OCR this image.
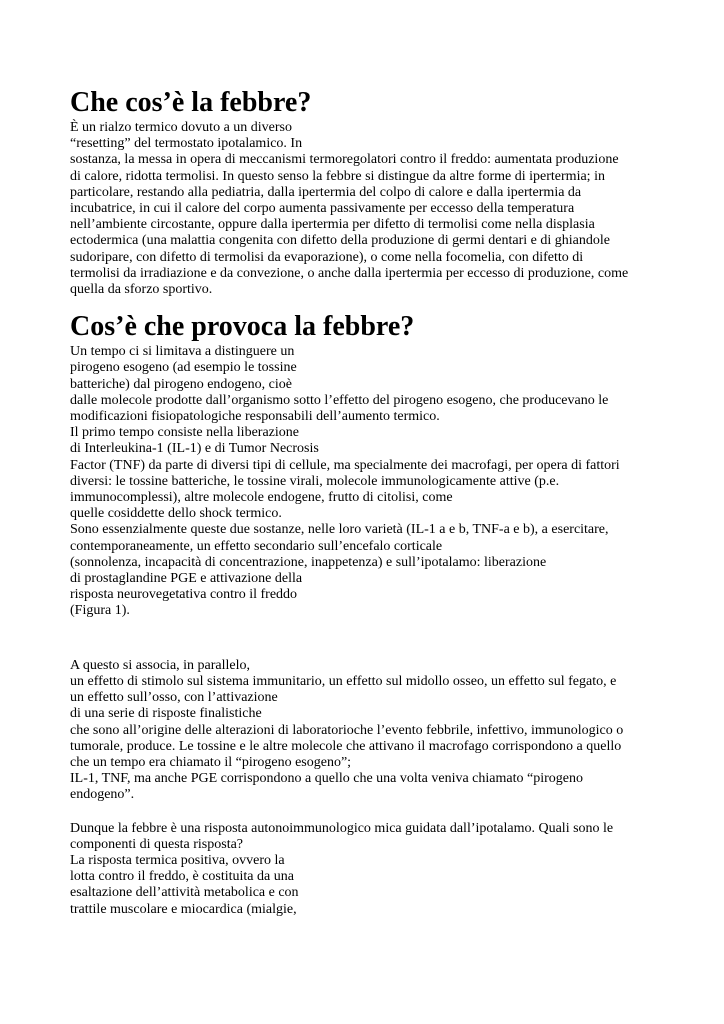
Che cos’è la febbre?
È un rialzo termico dovuto a un diverso
“resetting” del termostato ipotalamico. In
sostanza, la messa in opera di meccanismi termoregolatori contro il freddo: aumentata produzione
di calore, ridotta termolisi. In questo senso la febbre si distingue da altre forme di ipertermia; in
particolare, restando alla pediatria, dalla ipertermia del colpo di calore e dalla ipertermia da
incubatrice, in cui il calore del corpo aumenta passivamente per eccesso della temperatura
nell’ambiente circostante, oppure dalla ipertermia per difetto di termolisi come nella displasia
ectodermica (una malattia congenita con difetto della produzione di germi dentari e di ghiandole
sudoripare, con difetto di termolisi da evaporazione), o come nella focomelia, con difetto di
termolisi da irradiazione e da convezione, o anche dalla ipertermia per eccesso di produzione, come
quella da sforzo sportivo.
Cos’è che provoca la febbre?
Un tempo ci si limitava a distinguere un
pirogeno esogeno (ad esempio le tossine
batteriche) dal pirogeno endogeno, cioè
dalle molecole prodotte dall’organismo sotto l’effetto del pirogeno esogeno, che producevano le
modificazioni fisiopatologiche responsabili dell’aumento termico.
Il primo tempo consiste nella liberazione
di Interleukina-1 (IL-1) e di Tumor Necrosis
Factor (TNF) da parte di diversi tipi di cellule, ma specialmente dei macrofagi, per opera di fattori
diversi: le tossine batteriche, le tossine virali, molecole immunologicamente attive (p.e.
immunocomplessi), altre molecole endogene, frutto di citolisi, come
quelle cosiddette dello shock termico.
Sono essenzialmente queste due sostanze, nelle loro varietà (IL-1 a e b, TNF-a e b), a esercitare,
contemporaneamente, un effetto secondario sull’encefalo corticale
(sonnolenza, incapacità di concentrazione, inappetenza) e sull’ipotalamo: liberazione
di prostaglandine PGE e attivazione della
risposta neurovegetativa contro il freddo
(Figura 1).
A questo si associa, in parallelo,
un effetto di stimolo sul sistema immunitario, un effetto sul midollo osseo, un effetto sul fegato, e
un effetto sull’osso, con l’attivazione
di una serie di risposte finalistiche
che sono all’origine delle alterazioni di laboratorioche l’evento febbrile, infettivo, immunologico o
tumorale, produce. Le tossine e le altre molecole che attivano il macrofago corrispondono a quello
che un tempo era chiamato il “pirogeno esogeno”;
IL-1, TNF, ma anche PGE corrispondono a quello che una volta veniva chiamato “pirogeno
endogeno”.
Dunque la febbre è una risposta autonoimmunologico mica guidata dall’ipotalamo. Quali sono le
componenti di questa risposta?
La risposta termica positiva, ovvero la
lotta contro il freddo, è costituita da una
esaltazione dell’attività metabolica e con
trattile muscolare e miocardica (mialgie,
